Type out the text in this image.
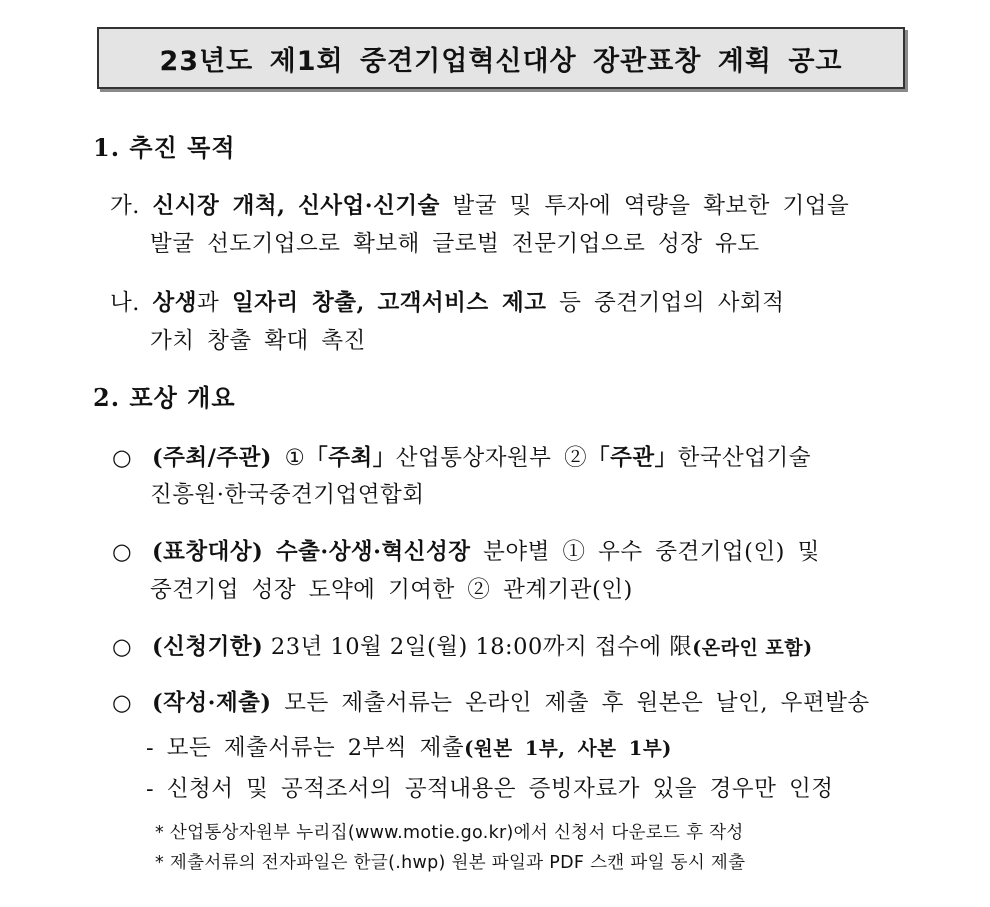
23년도 제1회 중견기업혁신대상 장관표창 계획 공고
1. 추진 목적
가. 신시장 개척, 신사업·신기술 발굴 및 투자에 역량을 확보한 기업을
발굴 선도기업으로 확보해 글로벌 전문기업으로 성장 유도
나. 상생과 일자리 창출, 고객서비스 제고 등 중견기업의 사회적
가치 창출 확대 촉진
2. 포상 개요
○ (주최/주관) ①「주최」산업통상자원부 ②「주관」한국산업기술
진흥원·한국중견기업연합회
○ (표창대상) 수출·상생·혁신성장 분야별 ① 우수 중견기업(인) 및
중견기업 성장 도약에 기여한 ② 관계기관(인)
○ (신청기한) 23년 10월 2일(월) 18:00까지 접수에 限(온라인 포함)
○ (작성·제출) 모든 제출서류는 온라인 제출 후 원본은 날인, 우편발송
- 모든 제출서류는 2부씩 제출(원본 1부, 사본 1부)
- 신청서 및 공적조서의 공적내용은 증빙자료가 있을 경우만 인정
* 산업통상자원부 누리집(www.motie.go.kr)에서 신청서 다운로드 후 작성
* 제출서류의 전자파일은 한글(.hwp) 원본 파일과 PDF 스캔 파일 동시 제출
